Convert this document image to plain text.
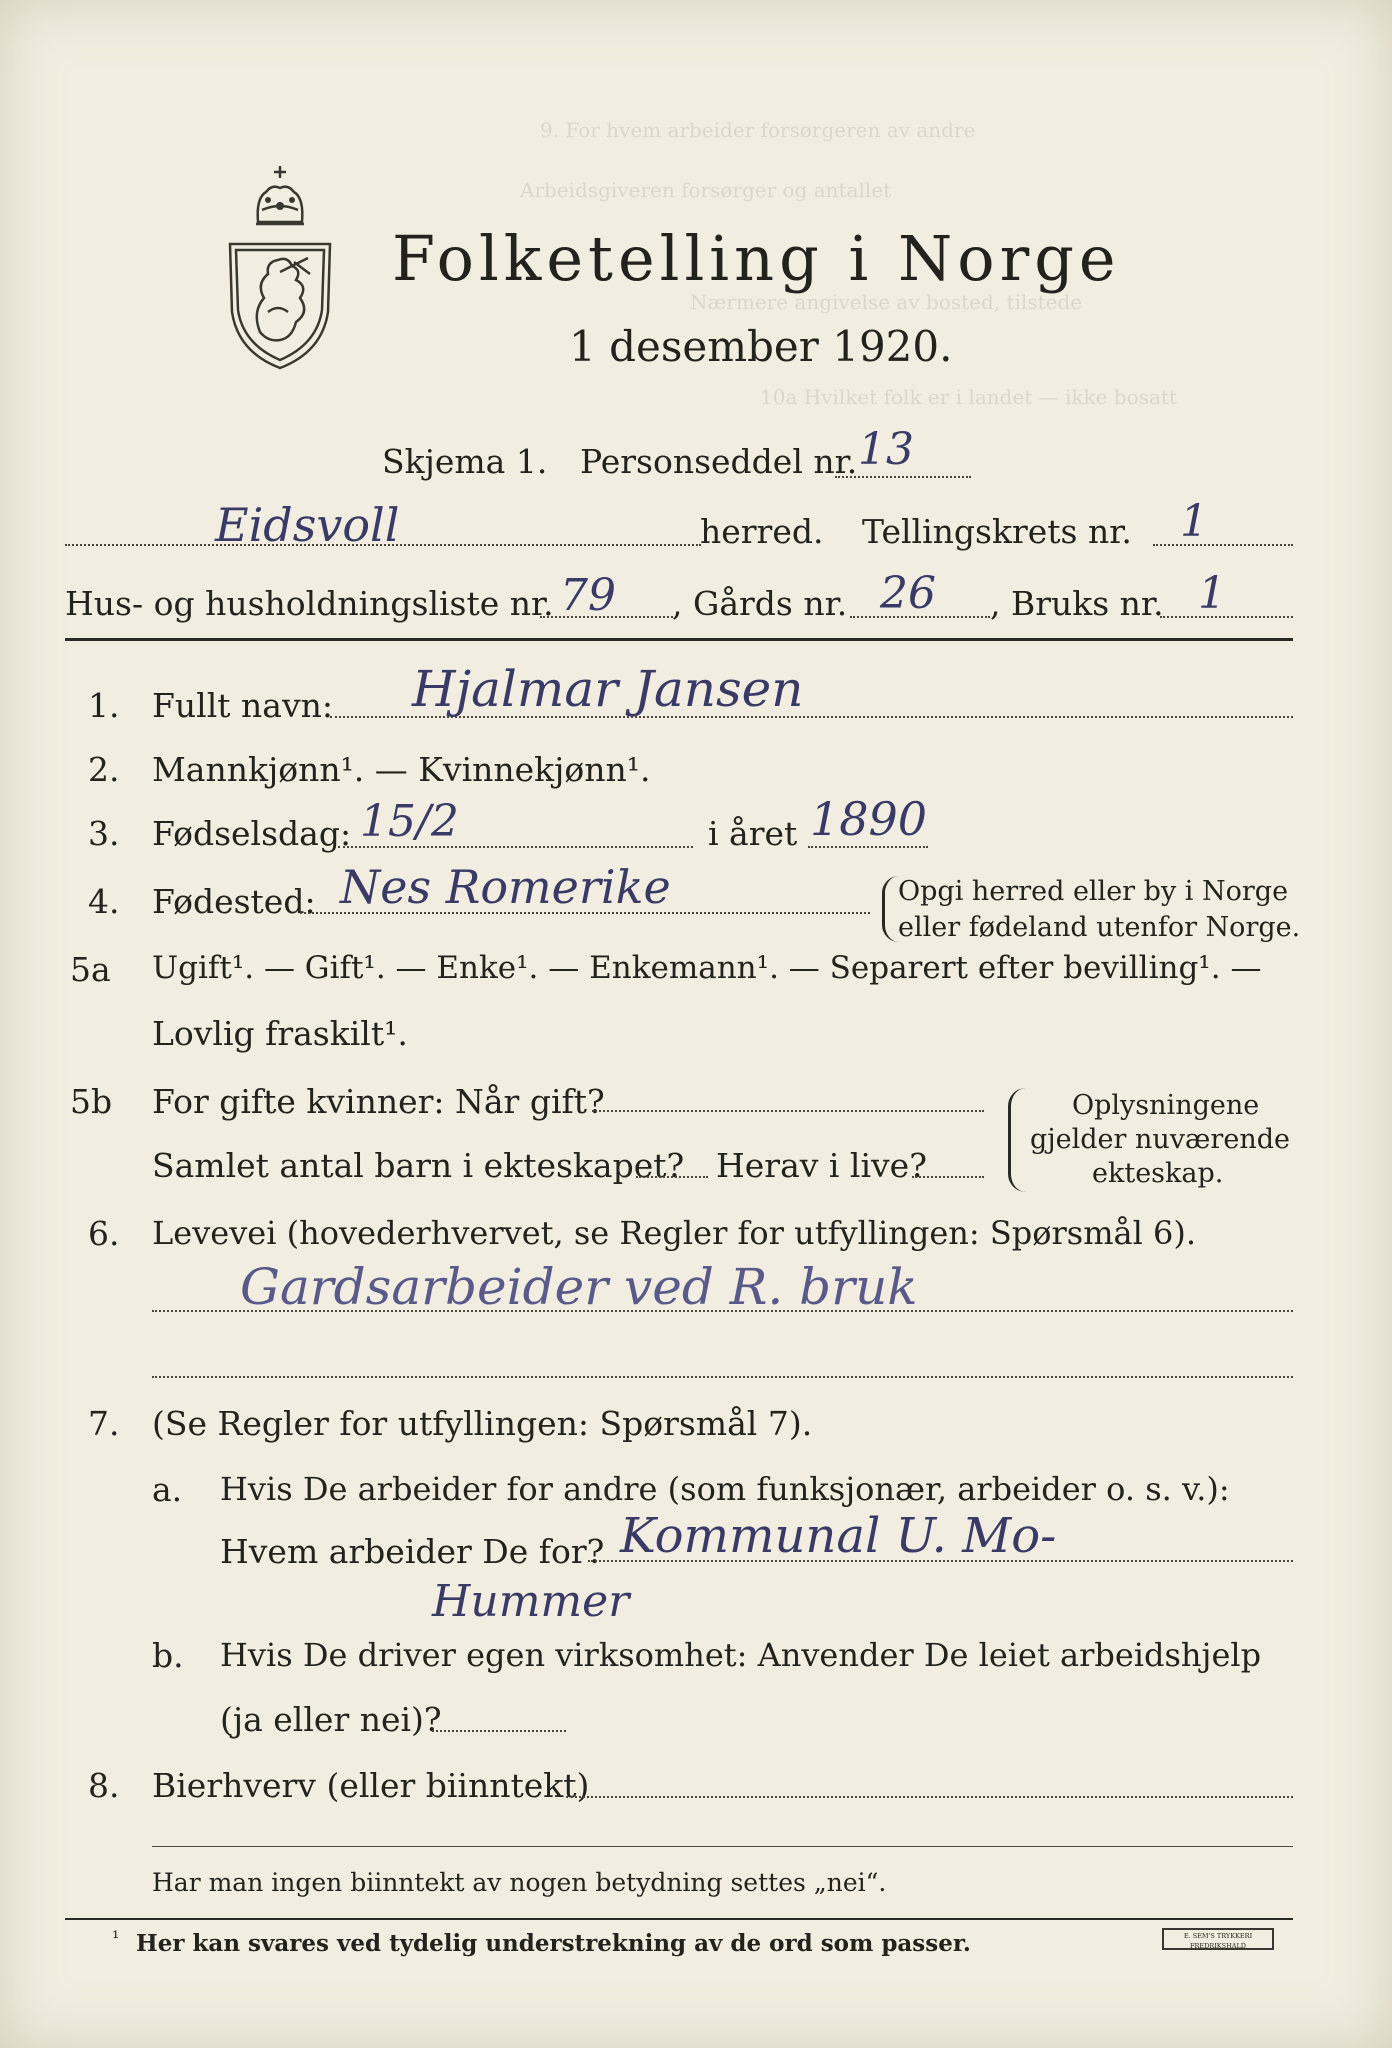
9. For hvem arbeider forsørgeren av andre
Arbeidsgiveren forsørger og antallet
Nærmere angivelse av bosted, tilstede
10a Hvilket folk er i landet — ikke bosatt
Folketelling i Norge
1 desember 1920.
Skjema 1. Personseddel nr. 13
Eidsvoll	herred. Tellingskrets nr. 1
Hus- og husholdningsliste nr. 79 , Gårds nr. 26 , Bruks nr. 1
1. Fullt navn: Hjalmar Jansen
2. Mannkjønn¹. — Kvinnekjønn¹.
3. Fødselsdag: 15/2	i året 1890
4. Fødested: Nes Romerike	Opgi herred eller by i Norge
eller fødeland utenfor Norge.
5a Ugift¹. — Gift¹. — Enke¹. — Enkemann¹. — Separert efter bevilling¹. —
Lovlig fraskilt¹.
5b For gifte kvinner: Når gift?
Samlet antal barn i ekteskapet? Herav i live?
Oplysningene
gjelder nuværende
ekteskap.
6. Levevei (hovederhvervet, se Regler for utfyllingen: Spørsmål 6).
Gardsarbeider ved R. bruk
7. (Se Regler for utfyllingen: Spørsmål 7).
a. Hvis De arbeider for andre (som funksjonær, arbeider o. s. v.):
Hvem arbeider De for? Kommunal U. Mo-
Hummer
b. Hvis De driver egen virksomhet: Anvender De leiet arbeidshjelp
(ja eller nei)?
8. Bierhverv (eller biinntekt)
Har man ingen biinntekt av nogen betydning settes „nei“.
¹ Her kan svares ved tydelig understrekning av de ord som passer.	E. SEM'S TRYKKERI FREDRIKSHALD
